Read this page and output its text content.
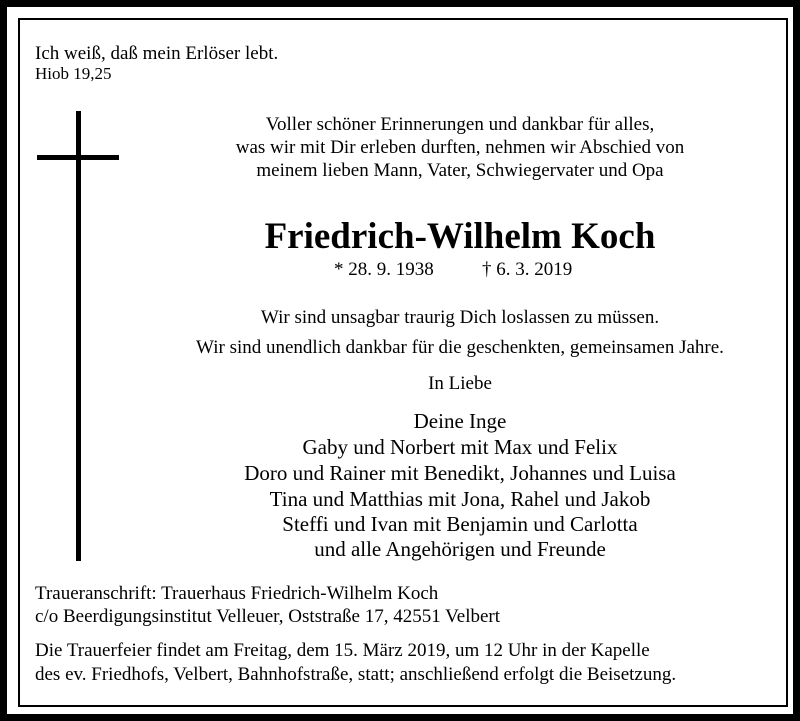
Ich weiß, daß mein Erlöser lebt.
Hiob 19,25
Voller schöner Erinnerungen und dankbar für alles,
was wir mit Dir erleben durften, nehmen wir Abschied von
meinem lieben Mann, Vater, Schwiegervater und Opa
Friedrich-Wilhelm Koch
* 28. 9. 1938	† 6. 3. 2019
Wir sind unsagbar traurig Dich loslassen zu müssen.
Wir sind unendlich dankbar für die geschenkten, gemeinsamen Jahre.
In Liebe
Deine Inge
Gaby und Norbert mit Max und Felix
Doro und Rainer mit Benedikt, Johannes und Luisa
Tina und Matthias mit Jona, Rahel und Jakob
Steffi und Ivan mit Benjamin und Carlotta
und alle Angehörigen und Freunde
Traueranschrift: Trauerhaus Friedrich-Wilhelm Koch
c/o Beerdigungsinstitut Velleuer, Oststraße 17, 42551 Velbert
Die Trauerfeier findet am Freitag, dem 15. März 2019, um 12 Uhr in der Kapelle
des ev. Friedhofs, Velbert, Bahnhofstraße, statt; anschließend erfolgt die Beisetzung.
